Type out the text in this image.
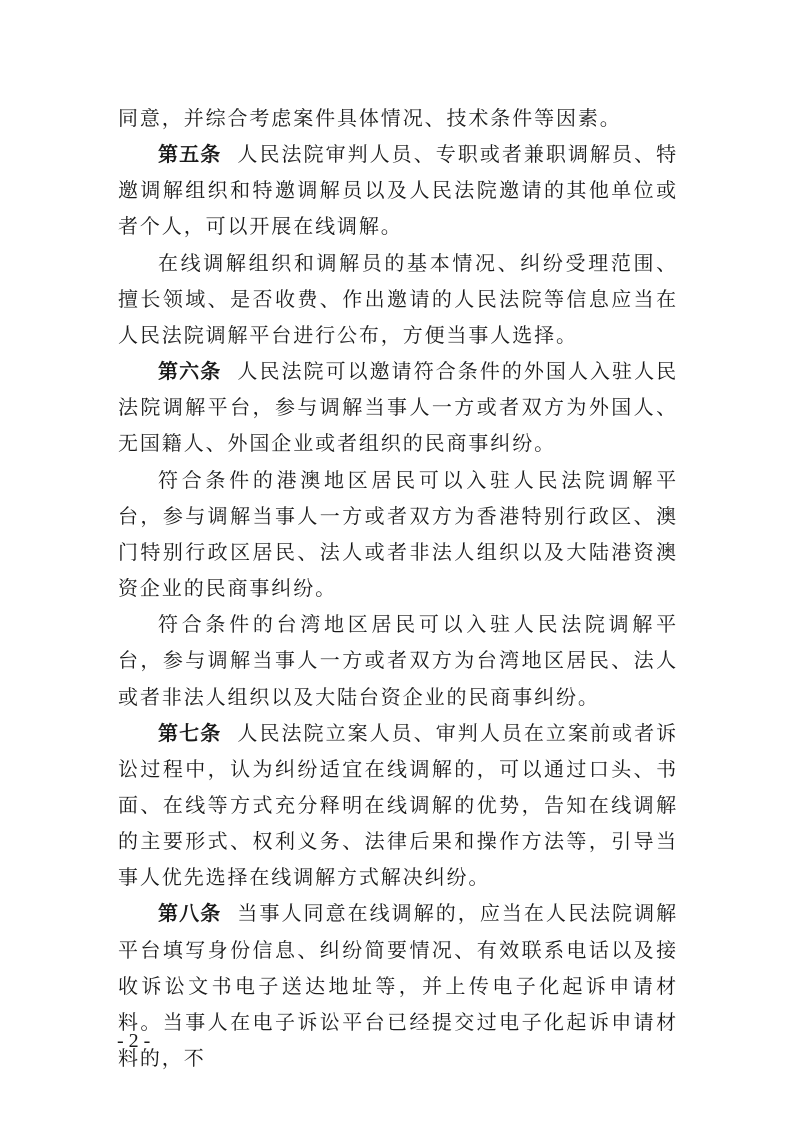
同意，并综合考虑案件具体情况、技术条件等因素。

第五条 人民法院审判人员、专职或者兼职调解员、特邀调解组织和特邀调解员以及人民法院邀请的其他单位或者个人，可以开展在线调解。

在线调解组织和调解员的基本情况、纠纷受理范围、擅长领域、是否收费、作出邀请的人民法院等信息应当在人民法院调解平台进行公布，方便当事人选择。

第六条 人民法院可以邀请符合条件的外国人入驻人民法院调解平台，参与调解当事人一方或者双方为外国人、无国籍人、外国企业或者组织的民商事纠纷。

符合条件的港澳地区居民可以入驻人民法院调解平台，参与调解当事人一方或者双方为香港特别行政区、澳门特别行政区居民、法人或者非法人组织以及大陆港资澳资企业的民商事纠纷。

符合条件的台湾地区居民可以入驻人民法院调解平台，参与调解当事人一方或者双方为台湾地区居民、法人或者非法人组织以及大陆台资企业的民商事纠纷。

第七条 人民法院立案人员、审判人员在立案前或者诉讼过程中，认为纠纷适宜在线调解的，可以通过口头、书面、在线等方式充分释明在线调解的优势，告知在线调解的主要形式、权利义务、法律后果和操作方法等，引导当事人优先选择在线调解方式解决纠纷。

第八条 当事人同意在线调解的，应当在人民法院调解平台填写身份信息、纠纷简要情况、有效联系电话以及接收诉讼文书电子送达地址等，并上传电子化起诉申请材料。当事人在电子诉讼平台已经提交过电子化起诉申请材料的，不

- 2 -
